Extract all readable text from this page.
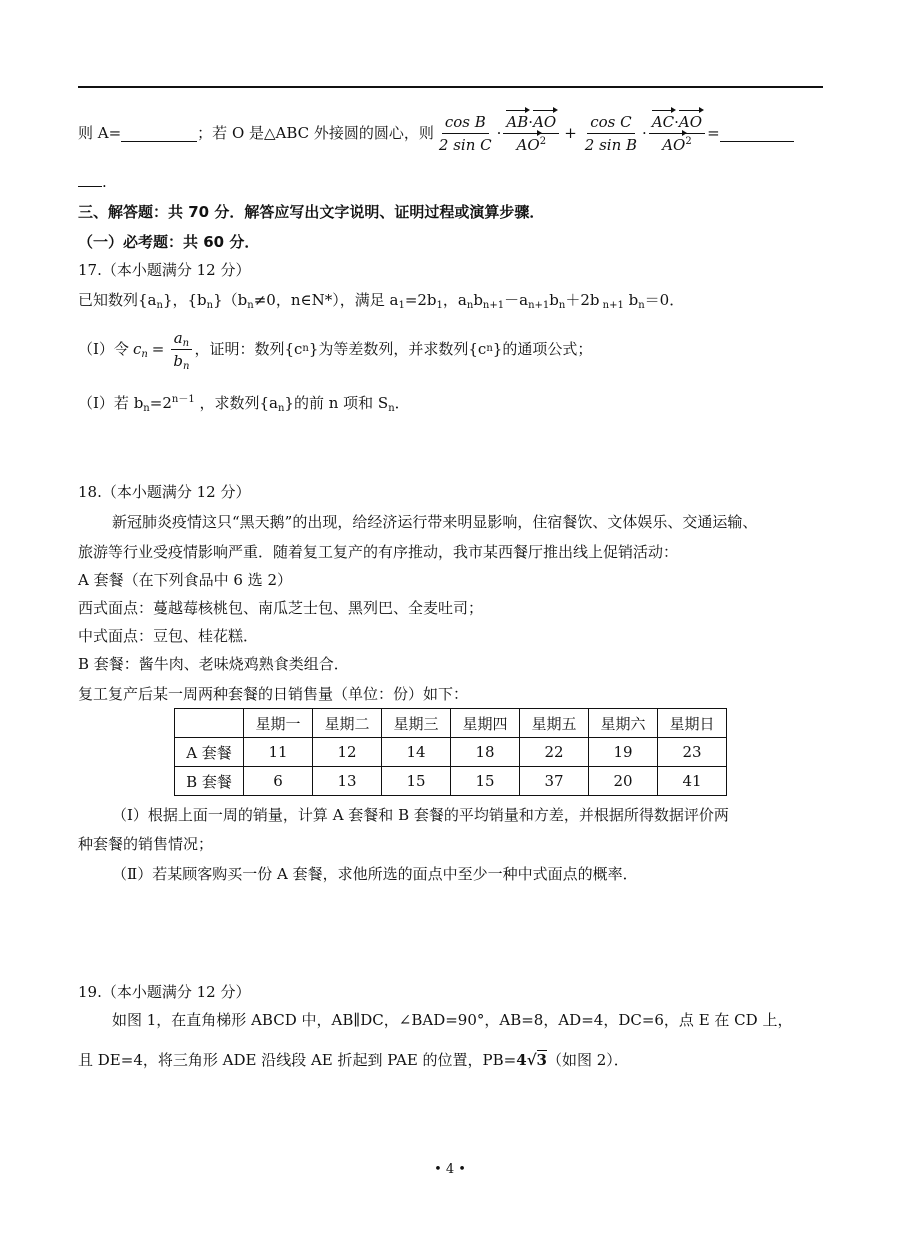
则 A=	；若 O 是△ABC 外接圆的圆心，则 $\frac{\text{cos B}}{\text{2 sin C}} \cdot \frac{AB\cdot AO}{AO^2} + \frac{\text{cos C}}{\text{2 sin B}} \cdot \frac{AC\cdot AO}{AO^2}$ =
.
三、解答题：共 70 分．解答应写出文字说明、证明过程或演算步骤．
（一）必考题：共 60 分．
17.（本小题满分 12 分）
已知数列$\{a_n\}$，$\{b_n\}(b_n\ne 0$，n∈N*），满足 $a_1=2b_1$，$a_nb_{n+1}-a_{n+1}b_n+2b$ $_{n+1}$ $b_n=0$．
（Ⅰ）令 $c_n = \frac{a_n}{b_n}$ ，证明：数列{c n }为等差数列，并求数列{c n }的通项公式；
（Ⅰ）若 $b_n=2^{n-1}$ ，求数列$\{a_n\}$的前 n 项和 $S_n$．
18.（本小题满分 12 分）
新冠肺炎疫情这只“黑天鹅”的出现，给经济运行带来明显影响，住宿餐饮、文体娱乐、交通运输、
旅游等行业受疫情影响严重．随着复工复产的有序推动，我市某西餐厅推出线上促销活动：
A 套餐（在下列食品中 6 选 2）
西式面点：蔓越莓核桃包、南瓜芝士包、黑列巴、全麦吐司；
中式面点：豆包、桂花糕．
B 套餐：酱牛肉、老味烧鸡熟食类组合．
复工复产后某一周两种套餐的日销售量（单位：份）如下：
	星期一	星期二	星期三	星期四	星期五	星期六	星期日
A 套餐	11	12	14	18	22	19	23
B 套餐	6	13	15	15	37	20	41
（Ⅰ）根据上面一周的销量，计算 A 套餐和 B 套餐的平均销量和方差，并根据所得数据评价两
种套餐的销售情况；
（Ⅱ）若某顾客购买一份 A 套餐，求他所选的面点中至少一种中式面点的概率．
19.（本小题满分 12 分）
如图 1，在直角梯形 ABCD 中，AB∥DC，∠BAD=90°，AB=8，AD=4，DC=6，点 E 在 CD 上，
且 DE=4，将三角形 ADE 沿线段 AE 折起到 PAE 的位置，PB=4√3（如图 2）．
• 4 •
